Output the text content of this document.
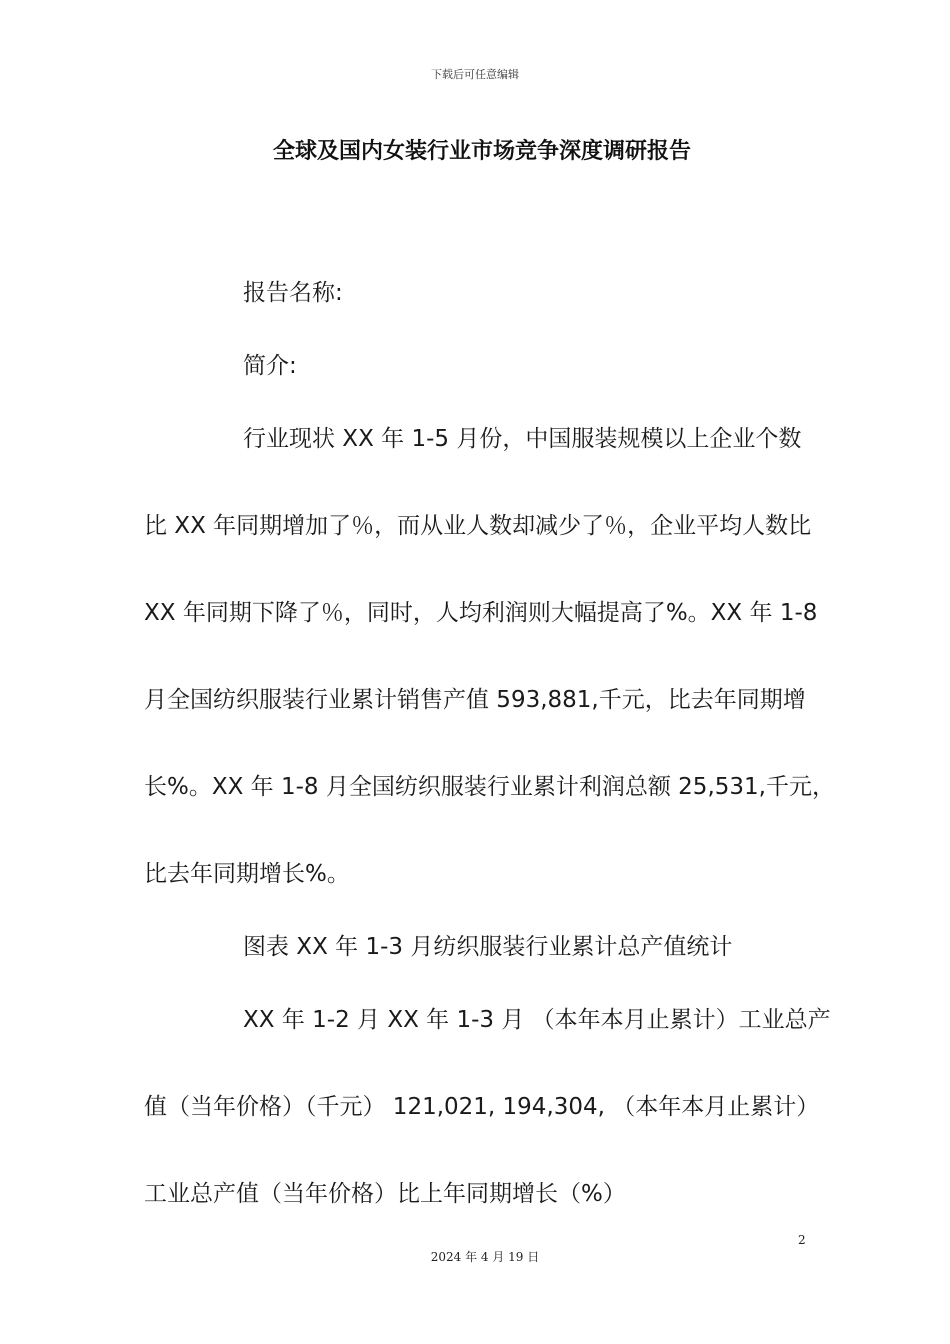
下载后可任意编辑
全球及国内女装行业市场竞争深度调研报告
报告名称:
简介:
行业现状 XX 年 1-5 月份，中国服装规模以上企业个数
比 XX 年同期增加了％，而从业人数却减少了％，企业平均人数比
XX 年同期下降了％，同时，人均利润则大幅提高了%。XX 年 1-8
月全国纺织服装行业累计销售产值 593,881,千元，比去年同期增
长%。XX 年 1-8 月全国纺织服装行业累计利润总额 25,531,千元，
比去年同期增长%。
图表 XX 年 1-3 月纺织服装行业累计总产值统计
XX 年 1-2 月 XX 年 1-3 月 （本年本月止累计）工业总产
值（当年价格）（千元） 121,021, 194,304, （本年本月止累计）
工业总产值（当年价格）比上年同期增长（%）
2
2024 年 4 月 19 日
